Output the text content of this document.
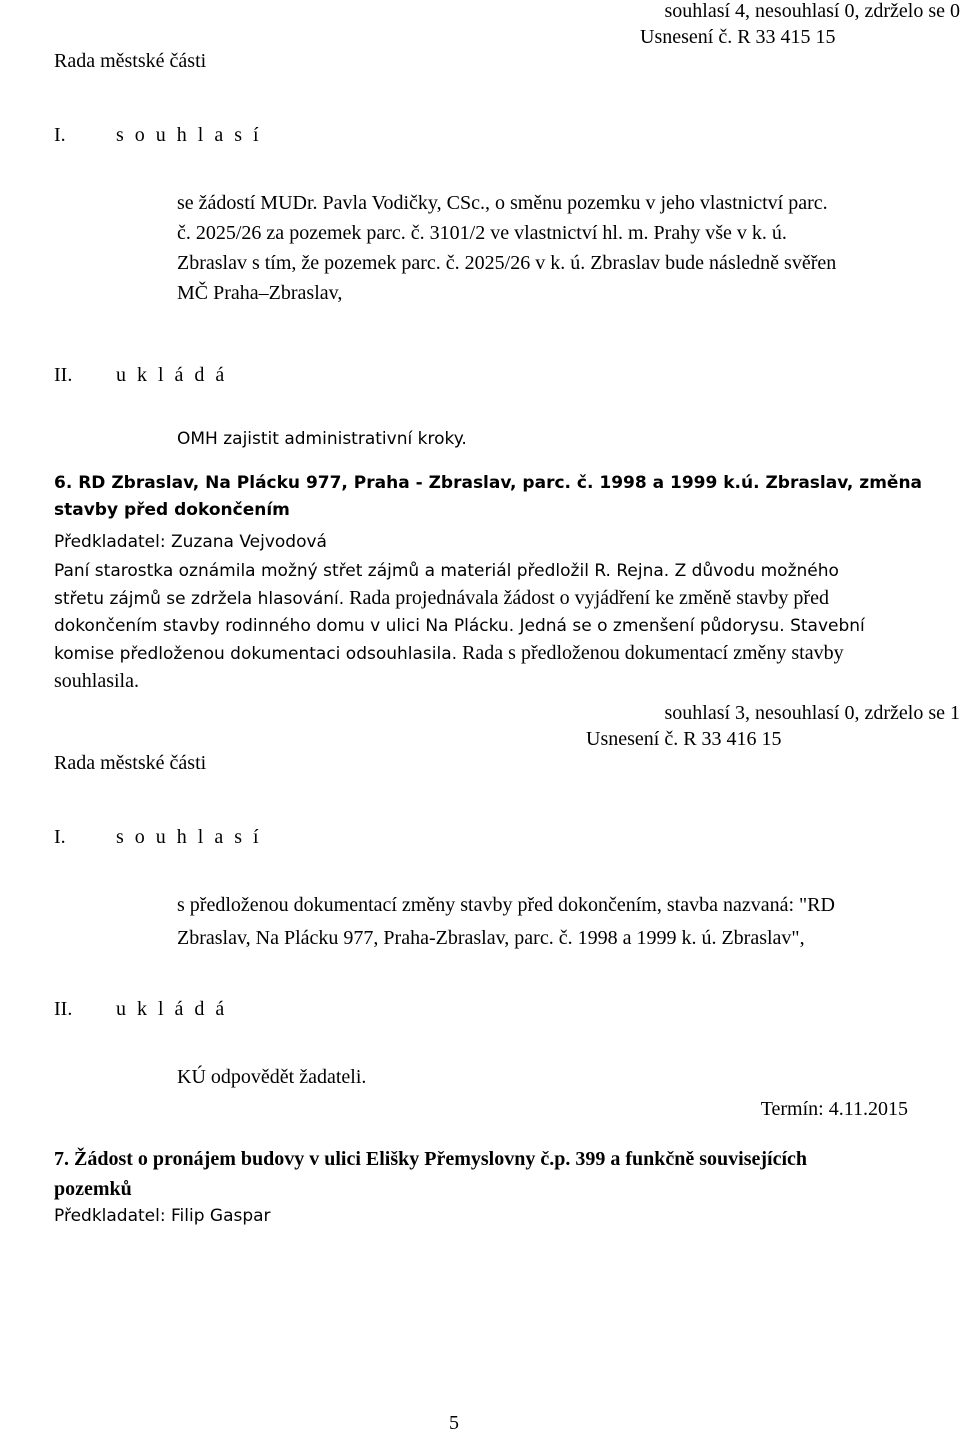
souhlasí 4, nesouhlasí 0, zdrželo se 0

Usnesení č. R 33 415 15

Rada městské části

I.	s o u h l a s í

se žádostí MUDr. Pavla Vodičky, CSc., o směnu pozemku v jeho vlastnictví parc.
č. 2025/26 za pozemek parc. č. 3101/2 ve vlastnictví hl. m. Prahy vše v k. ú.
Zbraslav s tím, že pozemek parc. č. 2025/26 v k. ú. Zbraslav bude následně svěřen
MČ Praha–Zbraslav,

II. u k l á d á

OMH zajistit administrativní kroky.

6. RD Zbraslav, Na Plácku 977, Praha - Zbraslav, parc. č. 1998 a 1999 k.ú. Zbraslav, změna
stavby před dokončením

Předkladatel: Zuzana Vejvodová

Paní starostka oznámila možný střet zájmů a materiál předložil R. Rejna. Z důvodu možného
střetu zájmů se zdržela hlasování. Rada projednávala žádost o vyjádření ke změně stavby před
dokončením stavby rodinného domu v ulici Na Plácku. Jedná se o zmenšení půdorysu. Stavební
komise předloženou dokumentaci odsouhlasila. Rada s předloženou dokumentací změny stavby
souhlasila.

souhlasí 3, nesouhlasí 0, zdrželo se 1

Usnesení č. R 33 416 15

Rada městské části

I.	s o u h l a s í

s předloženou dokumentací změny stavby před dokončením, stavba nazvaná: "RD
Zbraslav, Na Plácku 977, Praha-Zbraslav, parc. č. 1998 a 1999 k. ú. Zbraslav",

II. u k l á d á

KÚ odpovědět žadateli.

Termín: 4.11.2015

7. Žádost o pronájem budovy v ulici Elišky Přemyslovny č.p. 399 a funkčně souvisejících
pozemků

Předkladatel: Filip Gaspar

5
